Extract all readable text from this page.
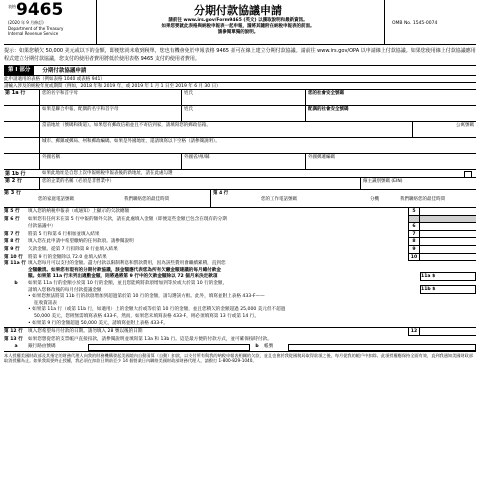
表格 9465
(2020 年 9 月修訂)
Department of the Treasury
Internal Revenue Service
分期付款協議申請
請前往 www.irs.gov/Form9465 (英文) 以獲取說明和最新資訊。
如果您要就此表格與納稅申報表一起申報，請將其隨附在納稅申報表的前面。
請參閱單獨的說明。
OMB No. 1545-0074
提示：如果您積欠 50,000 美元或以下的金額，即便您尚未收到稅單，您也有機會免於申報表格 9465 並可在線上建立分期付款協議。請前往 www.irs.gov/OPA 以申請線上付款協議。如果您使用線上付款協議應用程式建立分期付款協議，您支付的使用者費用將低於使用表格 9465 支付的使用者費用。
第 I 部分	分期付款協議申請
此申請適用的表格（例如表格 1040 或表格 941）
請輸入涉及的納稅年度或期間（例如，2018 年和 2019 年，或 2019 年 1 月 1 日至 2019 年 6 月 30 日）
第 1a 行	您的名字和首字母	姓氏	您的社會安全號碼
如果是聯合申報，配偶的名字和首字母	姓氏	配偶的社會安全號碼
當前地址（號碼和街道）。如果您有郵政信箱並且不寄信到家，請填寫您的郵政信箱。	公寓號碼
城市、郵鎮或郵局、州和郵政編碼。如果是外國地址，還請填寫以下空格（請參閱說明）。
外國名稱	外國省/州/縣	外國郵遞編碼
第 1b 行	如果此地址是自您上次申報納稅申報表後的新地址，請在此處勾選
第 2 行	您的企業的名稱（必須是非營業中）	僱主識別號碼 (EIN)
第 3 行
您的家庭電話號碼	我們聯絡您的最佳時間
第 4 行
您的工作電話號碼	分機	我們聯絡您的最佳時間
第 5 行	填入您的納稅申報表（或通知）上顯示的欠款總額	5
第 6 行	如果您有任何未在第 5 行中報的額外欠款，請在此處填入金額（即便這些金額已包含在現有的分期
付款協議中）	6
第 7 行	將第 5 行和第 6 行相加並填入結果	7
第 8 行	填入您在此申請中希望繳納的任何款項。請參閱說明	8
第 9 行	欠款金額。從第 7 行扣除第 8 行並填入結果	9
第 10 行	將第 9 行的金額除以 72.0 並填入結果	10
第 11a 行 填入您每月可以支付的金額。盡力付款以限制利息和罰款費用，因為該些費用會繼續累積，直到您
全額繳清。如果您有現有的分期付款協議，該金額應代表您為所有欠繳金額建議的每月總付款金
額。如果第 11a 行未列出適數金額，則將過將第 9 行中的欠款金額除以 72 個月來決定款項	11a $
b	如果第 11a 行的金額小於第 10 行的金額，並且您能夠將款項增加到等於或大於第 10 行的金額，
請填入您修改後的每月付款提議金額	11b $
• 如果您無法將第 11b 行的款項增加到超過第於第 10 行的金額，請勾選該方框。此外，填寫並附上表格 433-F——
征收資訊表
• 如果第 11a 行（或第 11b 行，如適用）上的金額大於或等於第 10 行的金額，並且您積欠的金額超過 25,000 美元但不超過
50,000 美元，您則無需填寫表格 433-F。然而，如果您未填寫表格 433-F，則必須填寫第 13 行或第 14 行。
• 如果第 9 行的金額超過 50,000 美元，請填寫並附上表格 433-F。
第 12 行	填入您希望每月付款的日期。請勿填入 28 號以後的日期	12
第 13 行	如果您想從您的支票帳戶直接扣款，請參閱說明並填寫第 13a 和 13b 行。這是最方便的付款方式，並可確保按時付款。
a	銀行路由號碼	b	帳號
本人授權美國財政部及其指定的財務代理人向我的財務機構發起美國境內自動清算（自動）扣款，以支付所有與我的納稅申報表相關的欠款，並且也會於我從國稅局取得款項之後，每月從我的帳戶中扣除。此項授權應保持全面有效，直到我通知美國財政部取消授權為止。如果我需要終止授權，我必須在扣款日期前至少 14 個營業日內聯絡美國財政部財務代理人，請撥打 1-800-829-1040。
